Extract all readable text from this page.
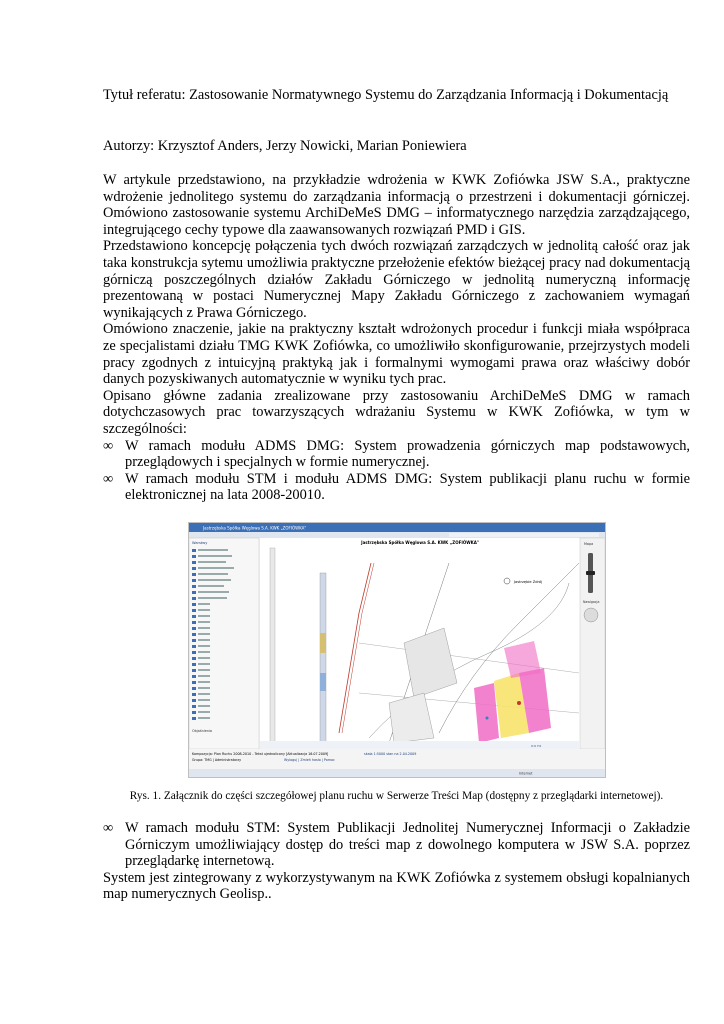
Tytuł referatu: Zastosowanie Normatywnego Systemu do Zarządzania Informacją i Dokumentacją

Autorzy: Krzysztof Anders, Jerzy Nowicki, Marian Poniewiera

W artykule przedstawiono, na przykładzie wdrożenia w KWK Zofiówka JSW S.A., praktyczne wdrożenie jednolitego systemu do zarządzania informacją o przestrzeni i dokumentacji górniczej. Omówiono zastosowanie systemu ArchiDeMeS DMG – informatycznego narzędzia zarządzającego, integrującego cechy typowe dla zaawansowanych rozwiązań PMD i GIS.

Przedstawiono koncepcję połączenia tych dwóch rozwiązań zarządczych w jednolitą całość oraz jak taka konstrukcja sytemu umożliwia praktyczne przełożenie efektów bieżącej pracy nad dokumentacją górniczą poszczególnych działów Zakładu Górniczego w jednolitą numeryczną informację prezentowaną w postaci Numerycznej Mapy Zakładu Górniczego z zachowaniem wymagań wynikających z Prawa Górniczego.

Omówiono znaczenie, jakie na praktyczny kształt wdrożonych procedur i funkcji miała współpraca ze specjalistami działu TMG KWK Zofiówka, co umożliwiło skonfigurowanie, przejrzystych modeli pracy zgodnych z intuicyjną praktyką jak i formalnymi wymogami prawa oraz właściwy dobór danych pozyskiwanych automatycznie w wyniku tych prac.

Opisano główne zadania zrealizowane przy zastosowaniu ArchiDeMeS DMG w ramach dotychczasowych prac towarzyszących wdrażaniu Systemu w KWK Zofiówka, w tym w szczególności:

∞ W ramach modułu ADMS DMG: System prowadzenia górniczych map podstawowych, przeglądowych i specjalnych w formie numerycznej.
∞ W ramach modułu STM i modułu ADMS DMG: System publikacji planu ruchu w formie elektronicznej na lata 2008-20010.
Jastrzębska Spółka Węglowa S.A. KWK „ZOFIÓWKA"
Warstwy
Objaśnienia
Jastrzębska Spółka Węglowa S.A. KWK „ZOFIÓWKA"
Jastrzębie Zdrój
Mapa
Nawigacja
X:0 Y:0
Kompozycja: Plan Ruchu 2008-2010 - Tekst ujednolicony [Aktualizacja 16.07.2009]	skala 1:5000 stan na 2.04.2009
Grupa: TMG | Administratorzy	Wyloguj | Zmień hasło | Pomoc
Internet

Rys. 1. Załącznik do części szczegółowej planu ruchu w Serwerze Treści Map (dostępny z przeglądarki internetowej).

∞ W ramach modułu STM: System Publikacji Jednolitej Numerycznej Informacji o Zakładzie Górniczym umożliwiający dostęp do treści map z dowolnego komputera w JSW S.A. poprzez przeglądarkę internetową.

System jest zintegrowany z wykorzystywanym na KWK Zofiówka z systemem obsługi kopalnianych map numerycznych Geolisp..
